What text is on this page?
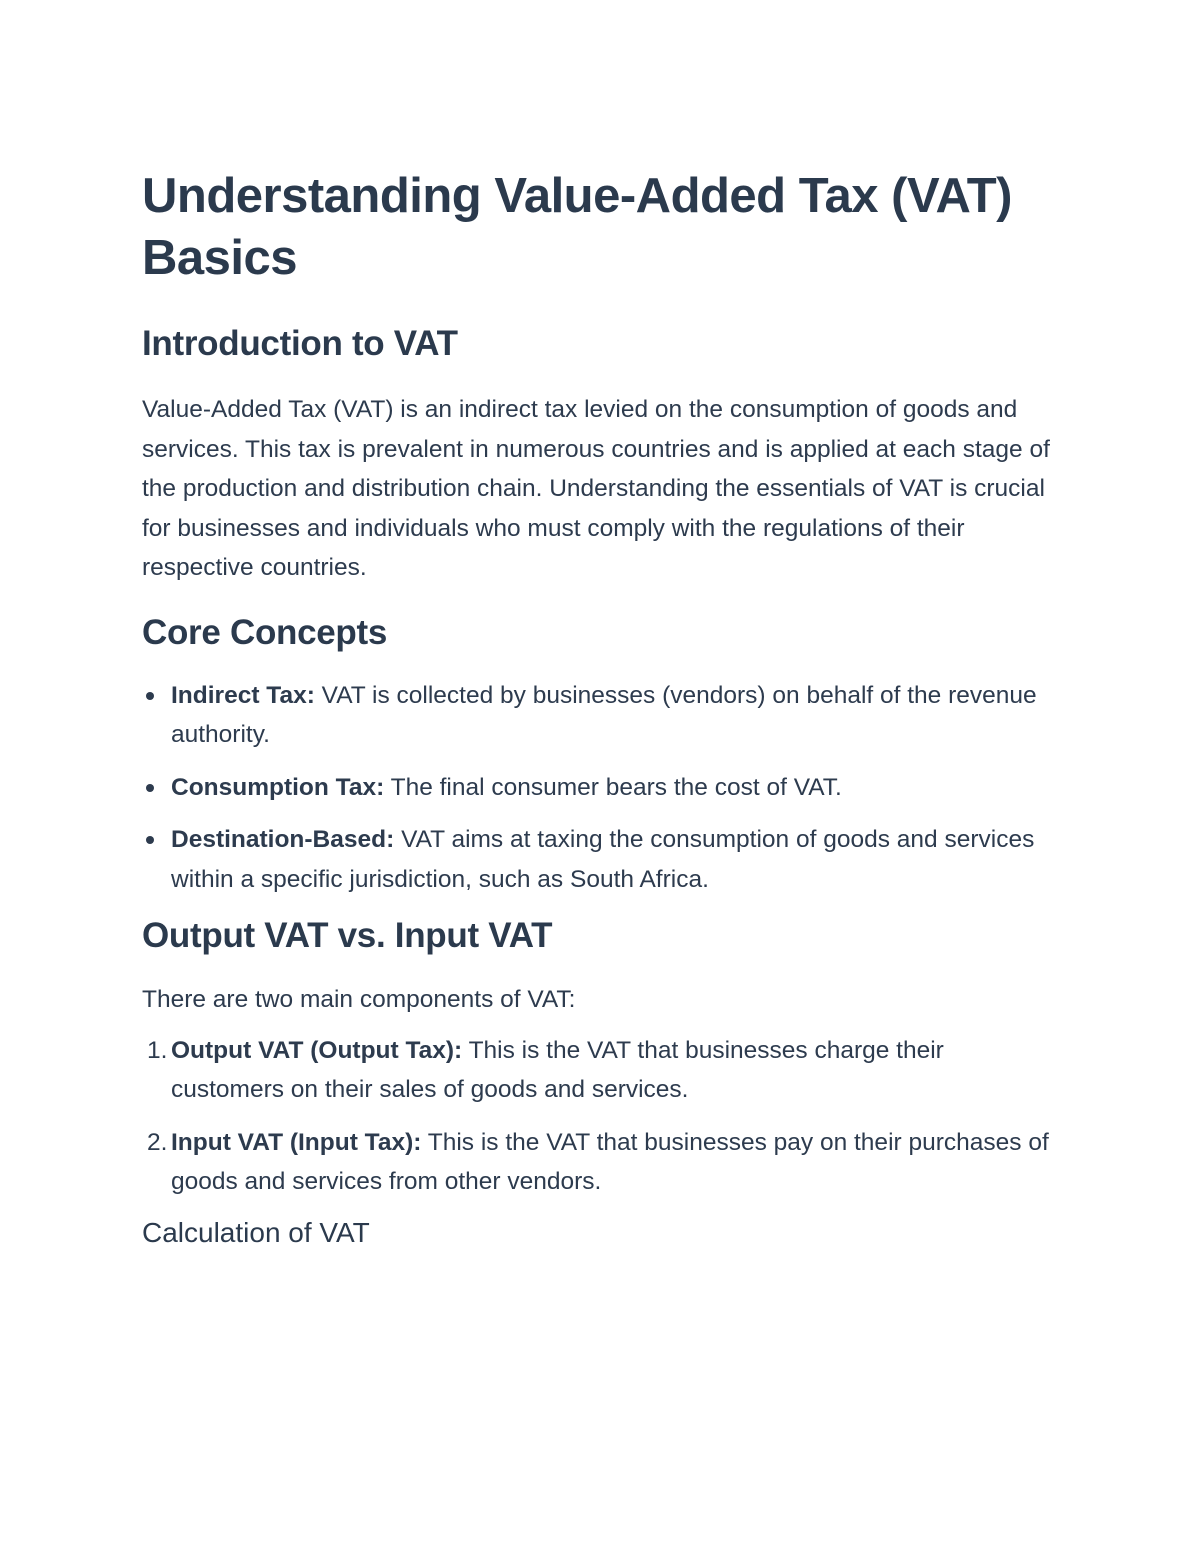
Understanding Value-Added Tax (VAT) Basics
Introduction to VAT

Value-Added Tax (VAT) is an indirect tax levied on the consumption of goods and services. This tax is prevalent in numerous countries and is applied at each stage of the production and distribution chain. Understanding the essentials of VAT is crucial for businesses and individuals who must comply with the regulations of their respective countries.

Core Concepts
Indirect Tax: VAT is collected by businesses (vendors) on behalf of the revenue authority.
Consumption Tax: The final consumer bears the cost of VAT.
Destination-Based: VAT aims at taxing the consumption of goods and services within a specific jurisdiction, such as South Africa.
Output VAT vs. Input VAT

There are two main components of VAT:

1. Output VAT (Output Tax): This is the VAT that businesses charge their customers on their sales of goods and services.
2. Input VAT (Input Tax): This is the VAT that businesses pay on their purchases of goods and services from other vendors.
Calculation of VAT
